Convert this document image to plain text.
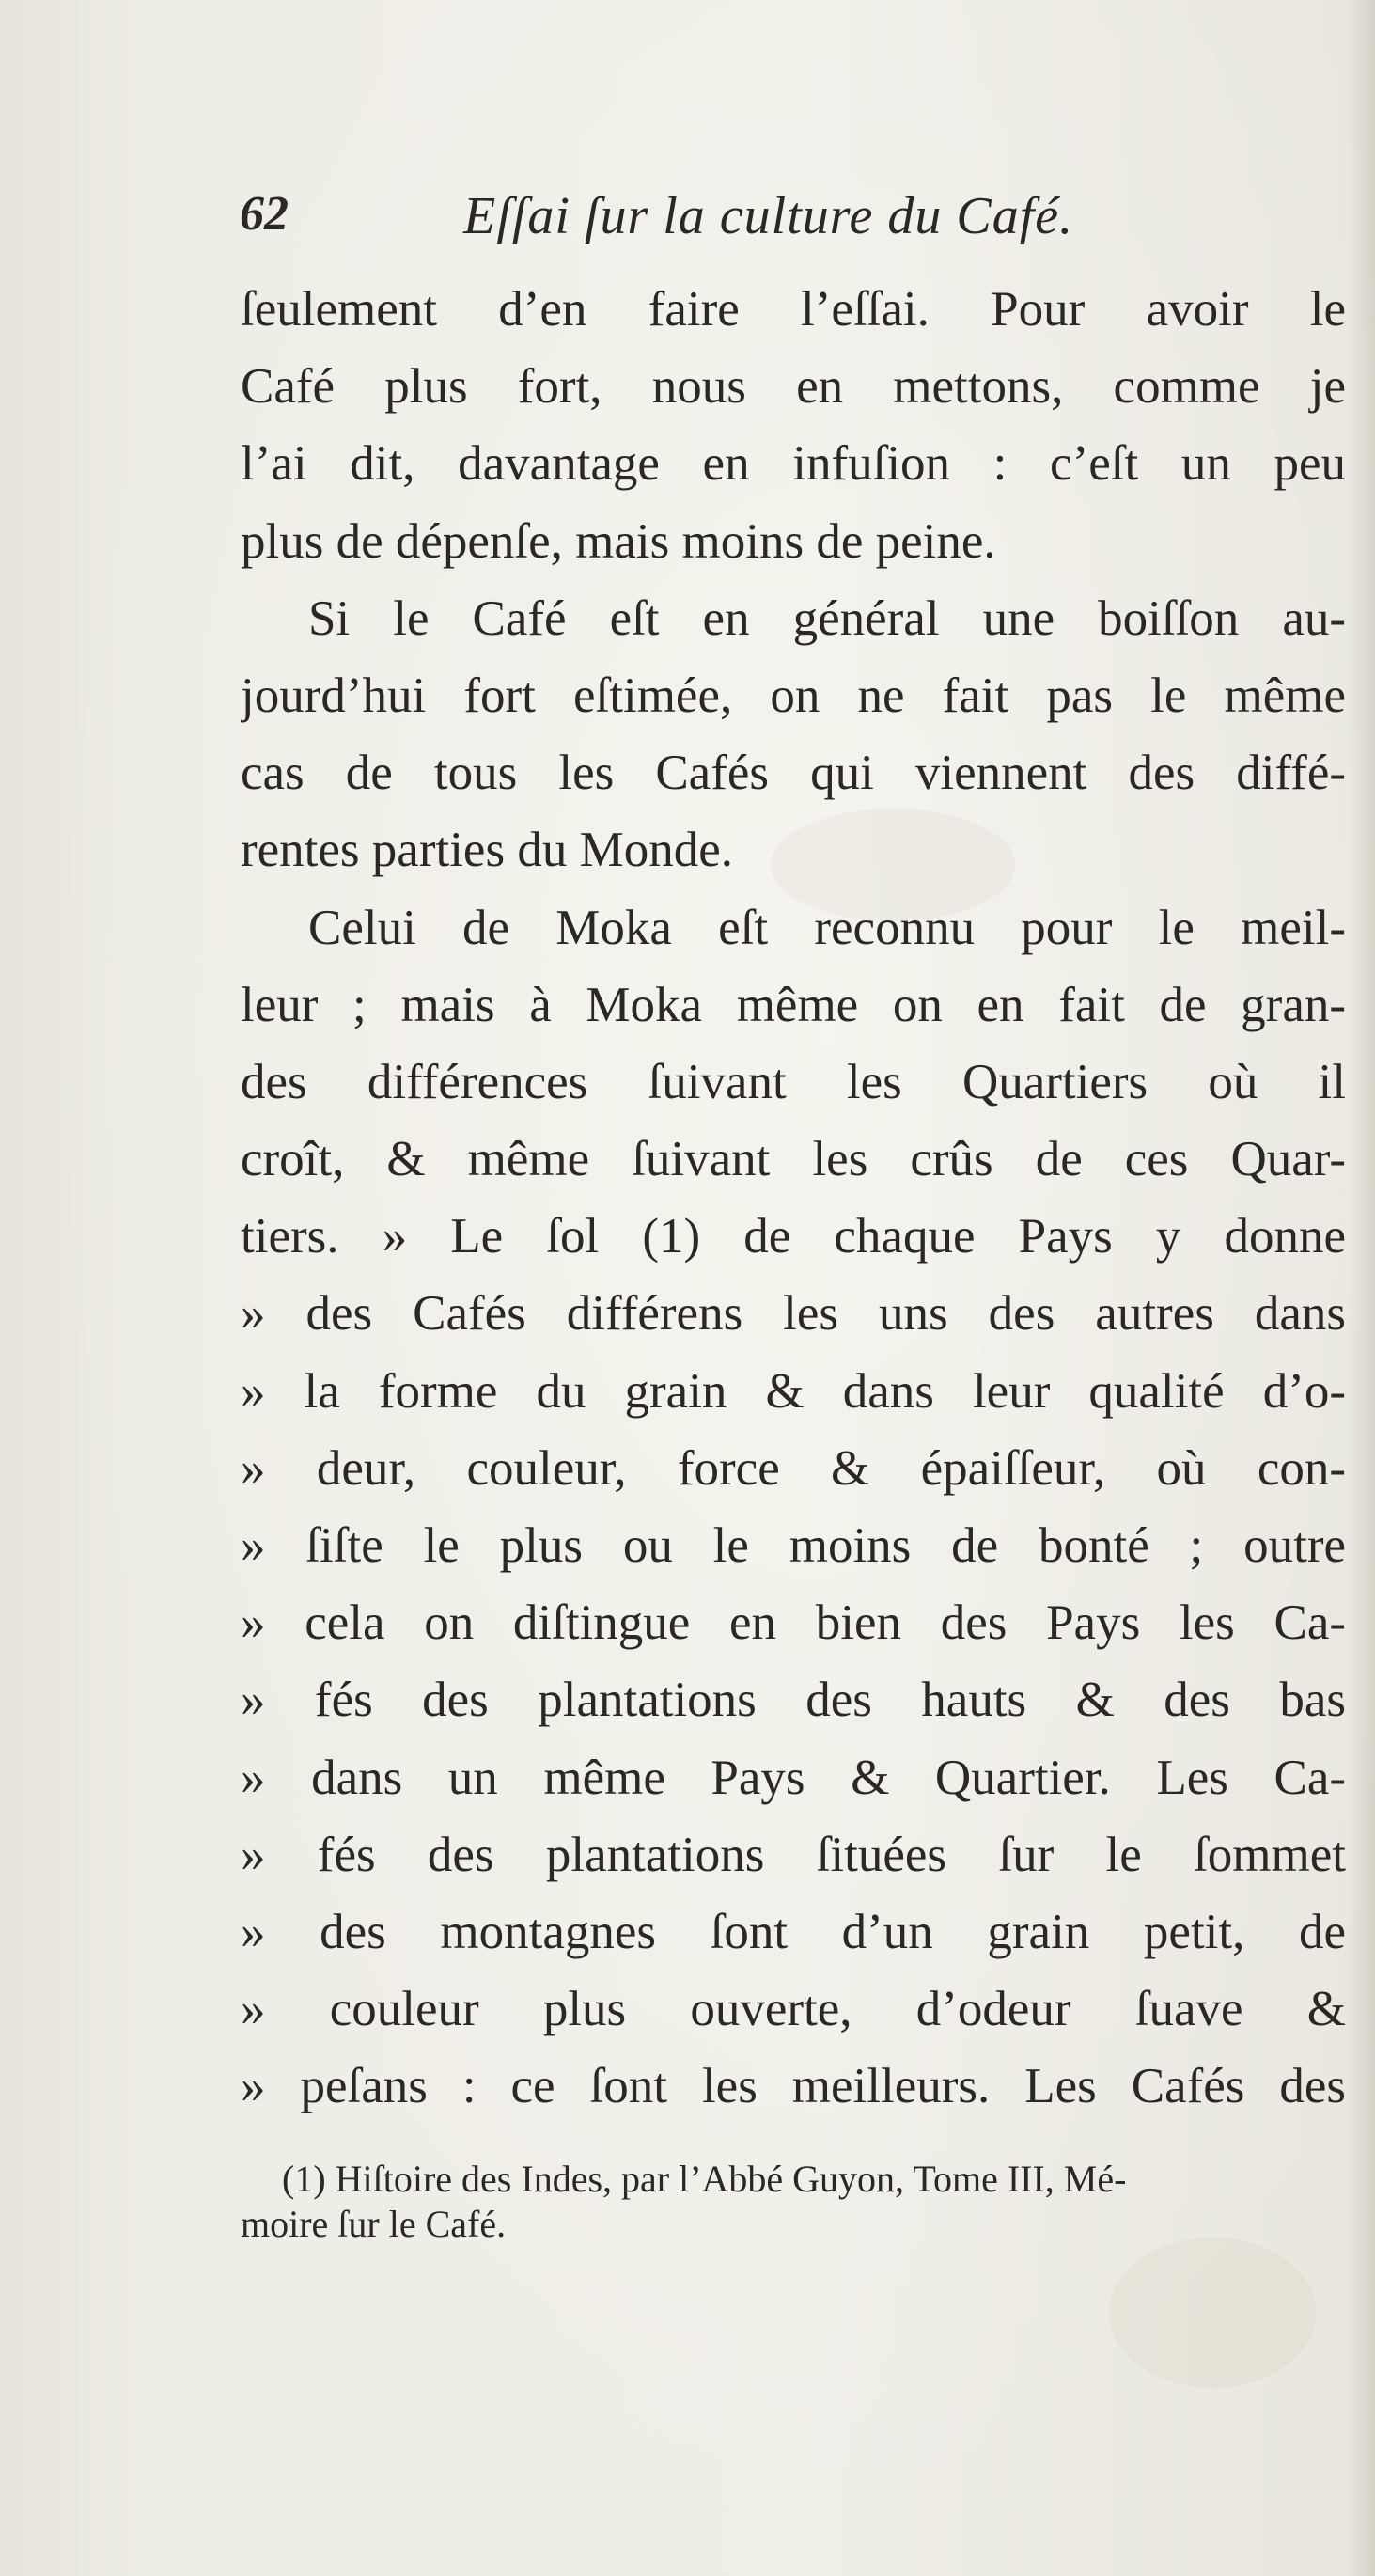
62	Eſſai ſur la culture du Café.
ſeulement d’en faire l’eſſai. Pour avoir le
Café plus fort, nous en mettons, comme je
l’ai dit, davantage en infuſion : c’eſt un peu
plus de dépenſe, mais moins de peine.
Si le Café eſt en général une boiſſon au-
jourd’hui fort eſtimée, on ne fait pas le même
cas de tous les Cafés qui viennent des diffé-
rentes parties du Monde.
Celui de Moka eſt reconnu pour le meil-
leur ; mais à Moka même on en fait de gran-
des différences ſuivant les Quartiers où il
croît, & même ſuivant les crûs de ces Quar-
tiers. » Le ſol (1) de chaque Pays y donne
» des Cafés différens les uns des autres dans
» la forme du grain & dans leur qualité d’o-
» deur, couleur, force & épaiſſeur, où con-
» ſiſte le plus ou le moins de bonté ; outre
» cela on diſtingue en bien des Pays les Ca-
» fés des plantations des hauts & des bas
» dans un même Pays & Quartier. Les Ca-
» fés des plantations ſituées ſur le ſommet
» des montagnes ſont d’un grain petit, de
» couleur plus ouverte, d’odeur ſuave &
» peſans : ce ſont les meilleurs. Les Cafés des
(1) Hiſtoire des Indes, par l’Abbé Guyon, Tome III, Mé-
moire ſur le Café.
